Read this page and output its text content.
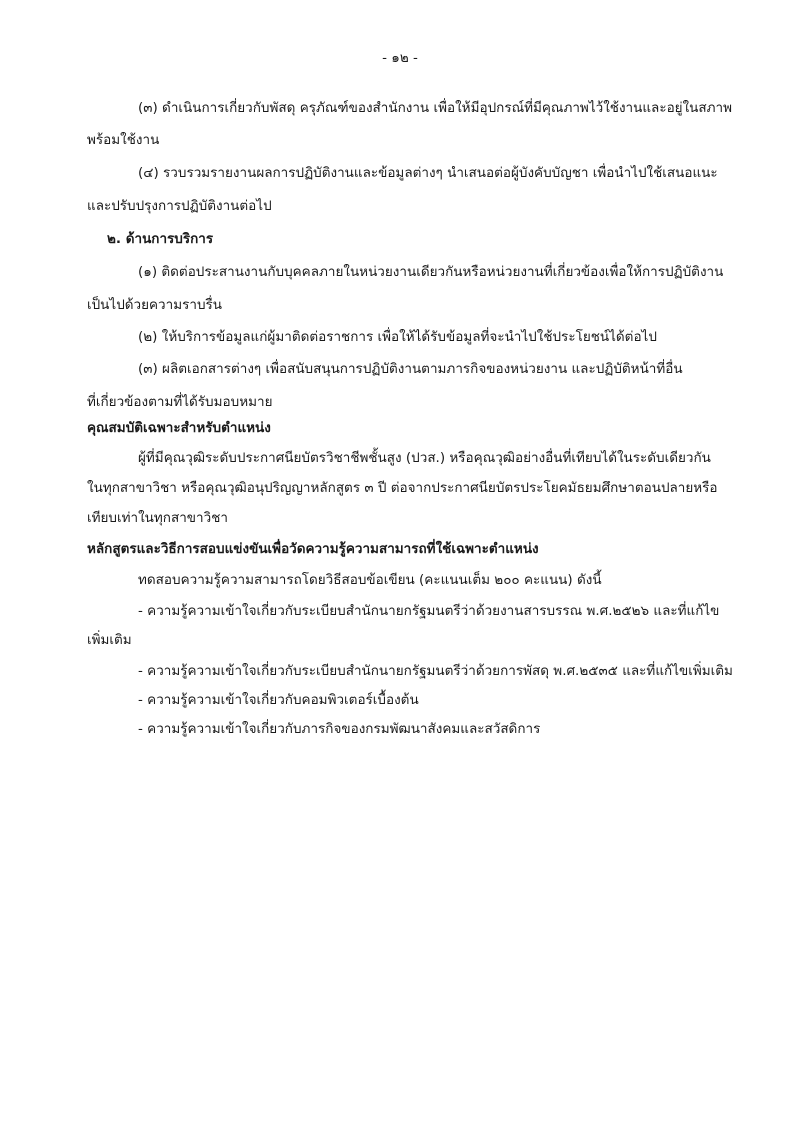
- ๑๒ -
(๓) ดำเนินการเกี่ยวกับพัสดุ ครุภัณฑ์ของสำนักงาน เพื่อให้มีอุปกรณ์ที่มีคุณภาพไว้ใช้งานและอยู่ในสภาพ
พร้อมใช้งาน
(๔) รวบรวมรายงานผลการปฏิบัติงานและข้อมูลต่างๆ นำเสนอต่อผู้บังคับบัญชา เพื่อนำไปใช้เสนอแนะ
และปรับปรุงการปฏิบัติงานต่อไป
๒. ด้านการบริการ
(๑) ติดต่อประสานงานกับบุคคลภายในหน่วยงานเดียวกันหรือหน่วยงานที่เกี่ยวข้องเพื่อให้การปฏิบัติงาน
เป็นไปด้วยความราบรื่น
(๒) ให้บริการข้อมูลแก่ผู้มาติดต่อราชการ เพื่อให้ได้รับข้อมูลที่จะนำไปใช้ประโยชน์ได้ต่อไป
(๓) ผลิตเอกสารต่างๆ เพื่อสนับสนุนการปฏิบัติงานตามภารกิจของหน่วยงาน และปฏิบัติหน้าที่อื่น
ที่เกี่ยวข้องตามที่ได้รับมอบหมาย
คุณสมบัติเฉพาะสำหรับตำแหน่ง
ผู้ที่มีคุณวุฒิระดับประกาศนียบัตรวิชาชีพชั้นสูง (ปวส.) หรือคุณวุฒิอย่างอื่นที่เทียบได้ในระดับเดียวกัน
ในทุกสาขาวิชา หรือคุณวุฒิอนุปริญญาหลักสูตร ๓ ปี ต่อจากประกาศนียบัตรประโยคมัธยมศึกษาตอนปลายหรือ
เทียบเท่าในทุกสาขาวิชา
หลักสูตรและวิธีการสอบแข่งขันเพื่อวัดความรู้ความสามารถที่ใช้เฉพาะตำแหน่ง
ทดสอบความรู้ความสามารถโดยวิธีสอบข้อเขียน (คะแนนเต็ม ๒๐๐ คะแนน) ดังนี้
- ความรู้ความเข้าใจเกี่ยวกับระเบียบสำนักนายกรัฐมนตรีว่าด้วยงานสารบรรณ พ.ศ.๒๕๒๖ และที่แก้ไข
เพิ่มเติม
- ความรู้ความเข้าใจเกี่ยวกับระเบียบสำนักนายกรัฐมนตรีว่าด้วยการพัสดุ พ.ศ.๒๕๓๕ และที่แก้ไขเพิ่มเติม
- ความรู้ความเข้าใจเกี่ยวกับคอมพิวเตอร์เบื้องต้น
- ความรู้ความเข้าใจเกี่ยวกับภารกิจของกรมพัฒนาสังคมและสวัสดิการ
